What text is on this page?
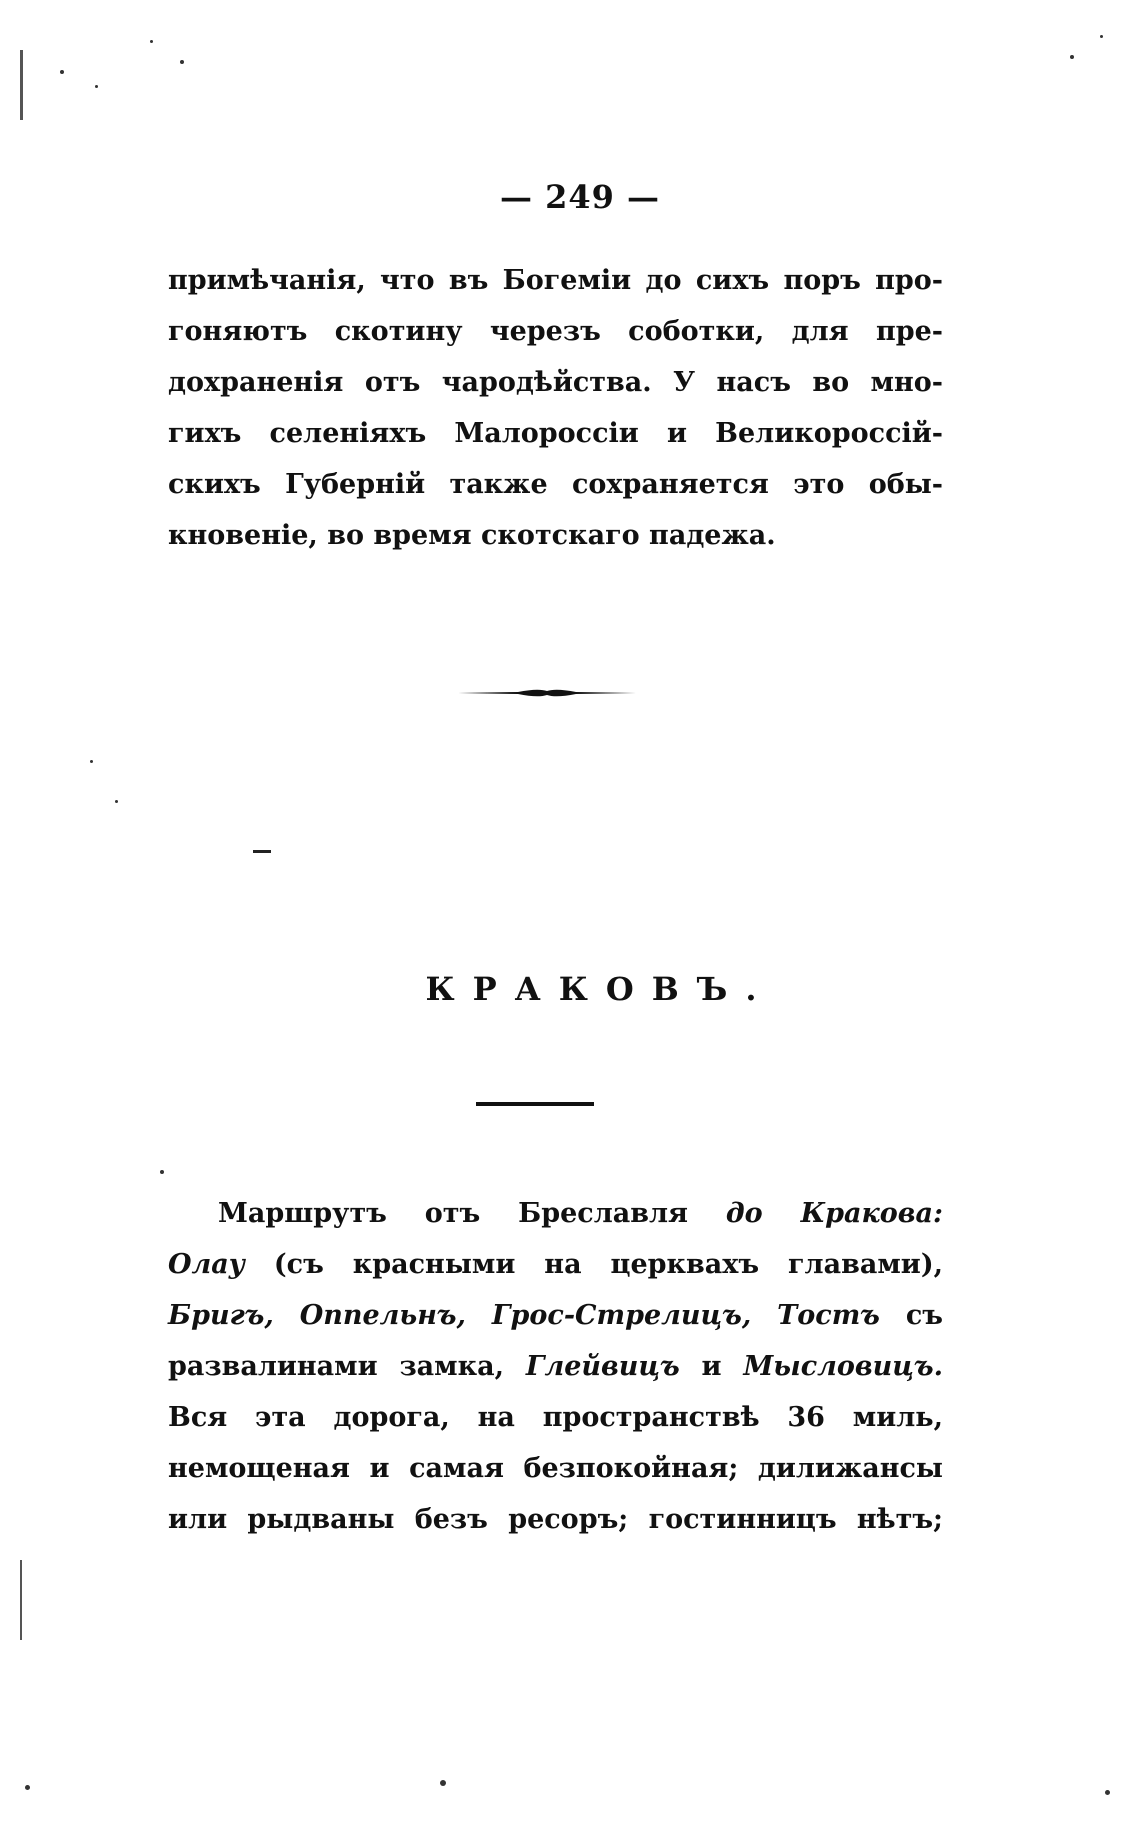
— 249 —
примѣчанія, что въ Богеміи до сихъ поръ про-
гоняютъ скотину черезъ соботки, для пре-
дохраненія отъ чародѣйства. У насъ во мно-
гихъ селеніяхъ Малороссіи и Великороссій-
скихъ Губерній также сохраняется это обы-
кновеніе, во время скотскаго падежа.
КРАКОВЪ.
Маршрутъ отъ Бреславля до Кракова:
Олау (съ красными на церквахъ главами),
Бригъ, Оппельнъ, Грос-Стрелицъ, Тостъ съ
развалинами замка, Глейвицъ и Мысловицъ.
Вся эта дорога, на пространствѣ 36 миль,
немощеная и самая безпокойная; дилижансы
или рыдваны безъ ресоръ; гостинницъ нѣтъ;
